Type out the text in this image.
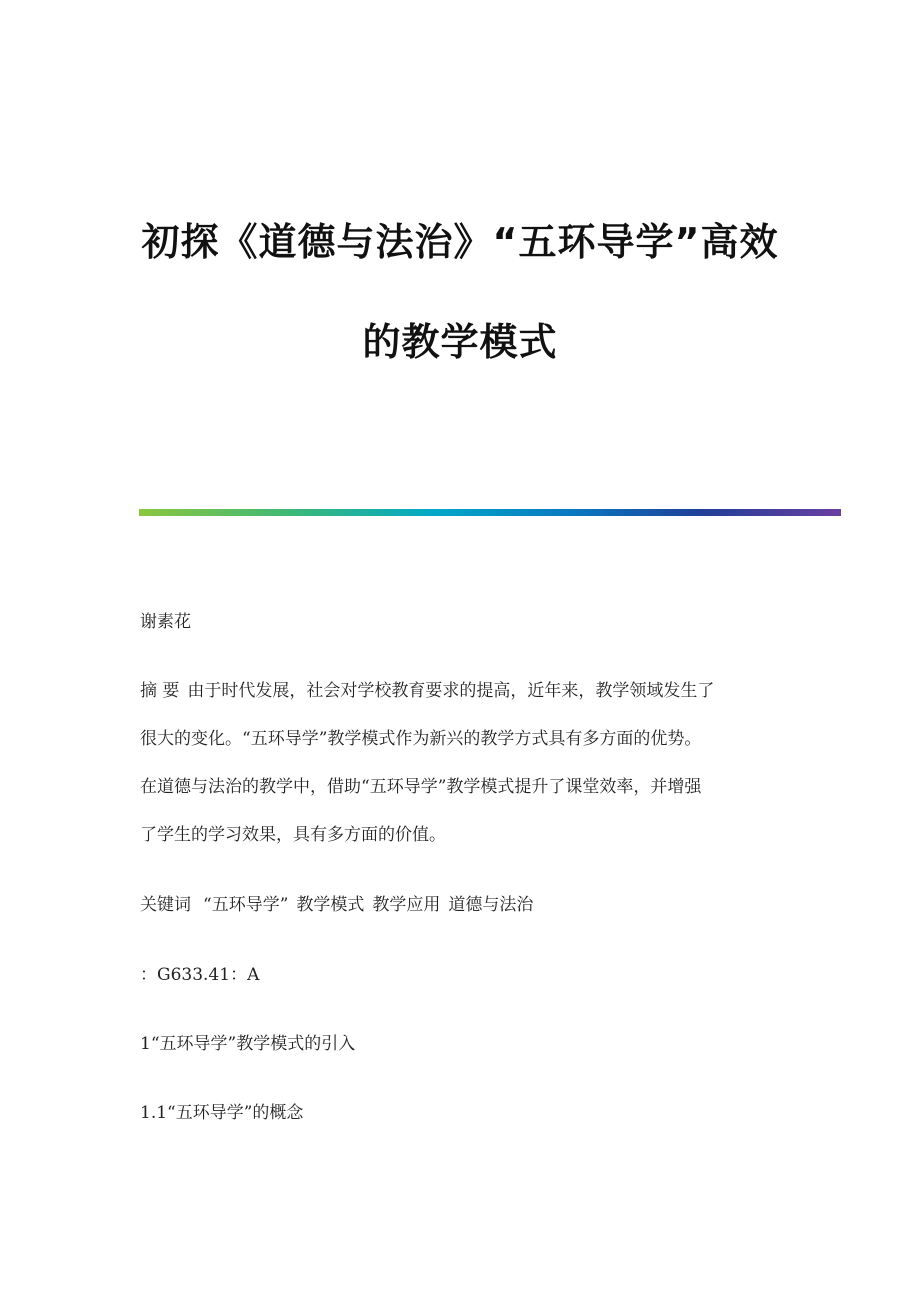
初探《道德与法治》“五环导学”高效
的教学模式
谢素花
摘 要 由于时代发展，社会对学校教育要求的提高，近年来，教学领域发生了
很大的变化。“五环导学”教学模式作为新兴的教学方式具有多方面的优势。
在道德与法治的教学中，借助“五环导学”教学模式提升了课堂效率，并增强
了学生的学习效果，具有多方面的价值。
关键词 “五环导学” 教学模式 教学应用 道德与法治
：G633.41：A
1“五环导学”教学模式的引入
1.1“五环导学”的概念
